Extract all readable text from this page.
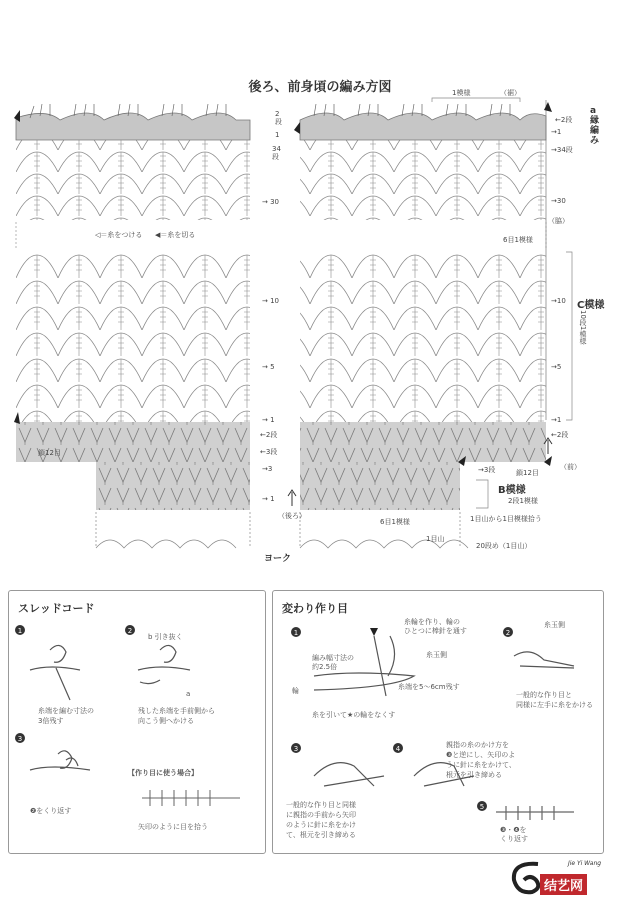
後ろ、前身頃の編み方図	1模様	（裾）
a
縁
編
み
←2段
→1
→34段
→30
（脇）
→10
→5
→1
←2段
→3段	（前）
2
段
1
34
段
→ 30
→ 10
→ 5
→ 1
←2段
←3段
→3
→ 1
◁＝糸をつける ◀＝糸を切る
6目1模様
C模様
10段1模様
鎖12目
鎖12目
B模様
2段1模様
6目1模様	1目山から1目模様拾う
（後ろ）
1目山
20段め（1目山）
ヨーク
スレッドコード
1	2
3
糸端を編む寸法の
3倍残す
b 引き抜く
a
残した糸端を手前側から
向こう側へかける
❷をくり返す
【作り目に使う場合】
矢印のように目を拾う
変わり作り目
1	2
3	4
5
糸輪を作り、輪の
ひとつに棒針を通す
編み幅寸法の
約2.5倍
糸玉側
糸端を5〜6cm残す
輪
糸を引いて★の輪をなくす
糸玉側
一般的な作り目と
同様に左手に糸をかける
親指の糸のかけ方を
❸と逆にし、矢印のよ
うに針に糸をかけて、
根元を引き締める
一般的な作り目と同様
に親指の手前から矢印
のように針に糸をかけ
て、根元を引き締める
❸・❹を
くり返す
结艺网
Jie Yi Wang
